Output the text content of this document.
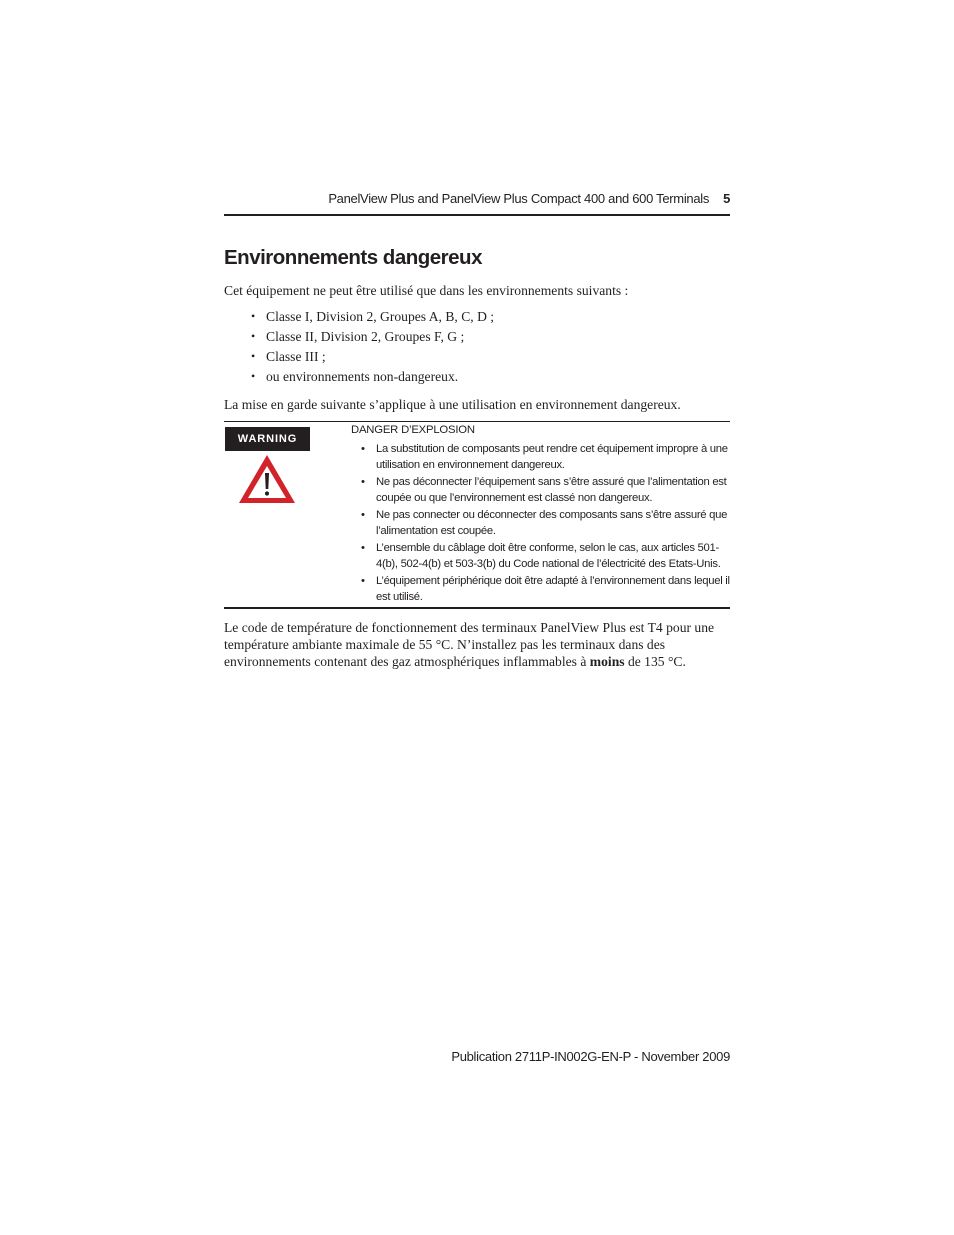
PanelView Plus and PanelView Plus Compact 400 and 600 Terminals 5
Environnements dangereux

Cet équipement ne peut être utilisé que dans les environnements suivants :

• Classe I, Division 2, Groupes A, B, C, D ;
• Classe II, Division 2, Groupes F, G ;
• Classe III ;
• ou environnements non-dangereux.

La mise en garde suivante s’applique à une utilisation en environnement dangereux.

WARNING

DANGER D’EXPLOSION

• La substitution de composants peut rendre cet équipement impropre à une utilisation en environnement dangereux.
• Ne pas déconnecter l’équipement sans s’être assuré que l’alimentation est coupée ou que l’environnement est classé non dangereux.
• Ne pas connecter ou déconnecter des composants sans s’être assuré que l’alimentation est coupée.
• L’ensemble du câblage doit être conforme, selon le cas, aux articles 501-4(b), 502-4(b) et 503-3(b) du Code national de l’électricité des Etats-Unis.
• L’équipement périphérique doit être adapté à l’environnement dans lequel il est utilisé.

Le code de température de fonctionnement des terminaux PanelView Plus est T4 pour une température ambiante maximale de 55 °C. N’installez pas les terminaux dans des environnements contenant des gaz atmosphériques inflammables à moins de 135 °C.

Publication 2711P-IN002G-EN-P - November 2009
